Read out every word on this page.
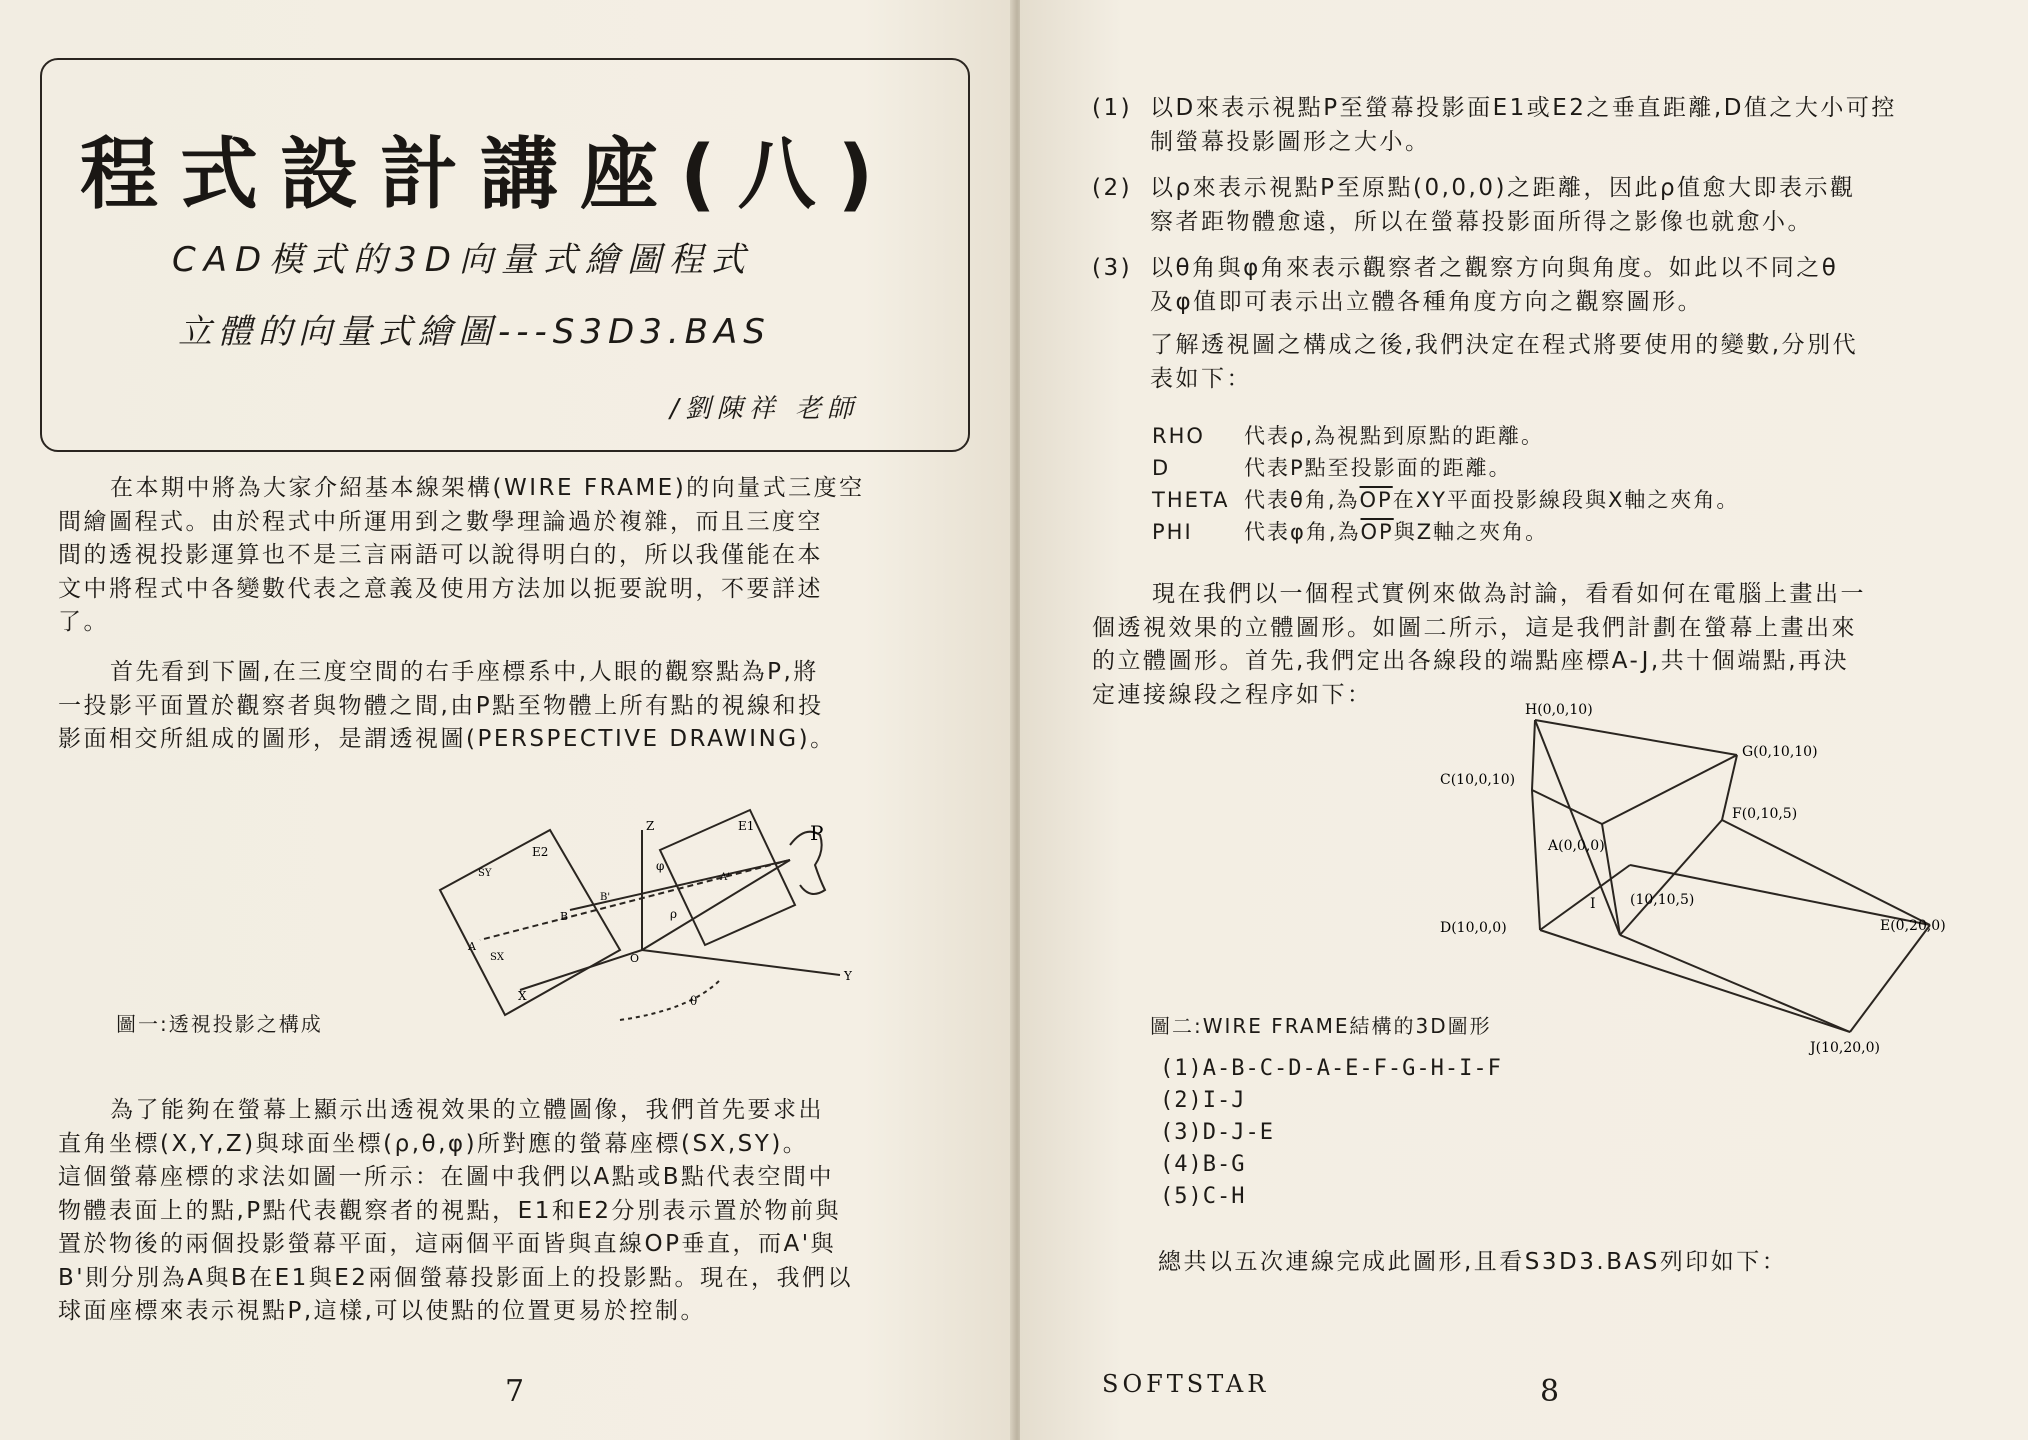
程式設計講座(八)
CAD模式的3D向量式繪圖程式
立體的向量式繪圖---S3D3.BAS
/劉陳祥 老師
在本期中將為大家介紹基本線架構(WIRE FRAME)的向量式三度空
間繪圖程式。由於程式中所運用到之數學理論過於複雜，而且三度空
間的透視投影運算也不是三言兩語可以說得明白的，所以我僅能在本
文中將程式中各變數代表之意義及使用方法加以扼要說明，不要詳述
了。
首先看到下圖,在三度空間的右手座標系中,人眼的觀察點為P,將
一投影平面置於觀察者與物體之間,由P點至物體上所有點的視線和投
影面相交所組成的圖形，是謂透視圖(PERSPECTIVE DRAWING)。
P
Z	E1
E2
Y
X
SY
SX
A
B
O
ρ
θ
φ
A'
B'
圖一:透視投影之構成
為了能夠在螢幕上顯示出透視效果的立體圖像，我們首先要求出
直角坐標(X,Y,Z)與球面坐標(ρ,θ,φ)所對應的螢幕座標(SX,SY)。
這個螢幕座標的求法如圖一所示：在圖中我們以A點或B點代表空間中
物體表面上的點,P點代表觀察者的視點，E1和E2分別表示置於物前與
置於物後的兩個投影螢幕平面，這兩個平面皆與直線OP垂直，而A'與
B'則分別為A與B在E1與E2兩個螢幕投影面上的投影點。現在，我們以
球面座標來表示視點P,這樣,可以使點的位置更易於控制。
7
(1) 以D來表示視點P至螢幕投影面E1或E2之垂直距離,D值之大小可控
制螢幕投影圖形之大小。
(2) 以ρ來表示視點P至原點(0,0,0)之距離，因此ρ值愈大即表示觀
察者距物體愈遠，所以在螢幕投影面所得之影像也就愈小。
(3) 以θ角與φ角來表示觀察者之觀察方向與角度。如此以不同之θ
及φ值即可表示出立體各種角度方向之觀察圖形。
了解透視圖之構成之後,我們決定在程式將要使用的變數,分別代
表如下：
RHO 代表ρ,為視點到原點的距離。
D	代表P點至投影面的距離。
THETA 代表θ角,為$\overline{OP}$在XY平面投影線段與X軸之夾角。
PHI 代表φ角,為$\overline{OP}$與Z軸之夾角。
現在我們以一個程式實例來做為討論，看看如何在電腦上畫出一
個透視效果的立體圖形。如圖二所示，這是我們計劃在螢幕上畫出來
的立體圖形。首先,我們定出各線段的端點座標A-J,共十個端點,再決
定連接線段之程序如下：
H(0,0,10)
G(0,10,10)
C(10,0,10)
F(0,10,5)
A(0,0,0)
I (10,10,5)
D(10,0,0)	E(0,20,0)
J(10,20,0)
圖二:WIRE FRAME結構的3D圖形
(1)A-B-C-D-A-E-F-G-H-I-F
(2)I-J
(3)D-J-E
(4)B-G
(5)C-H
總共以五次連線完成此圖形,且看S3D3.BAS列印如下：
SOFTSTAR	8
